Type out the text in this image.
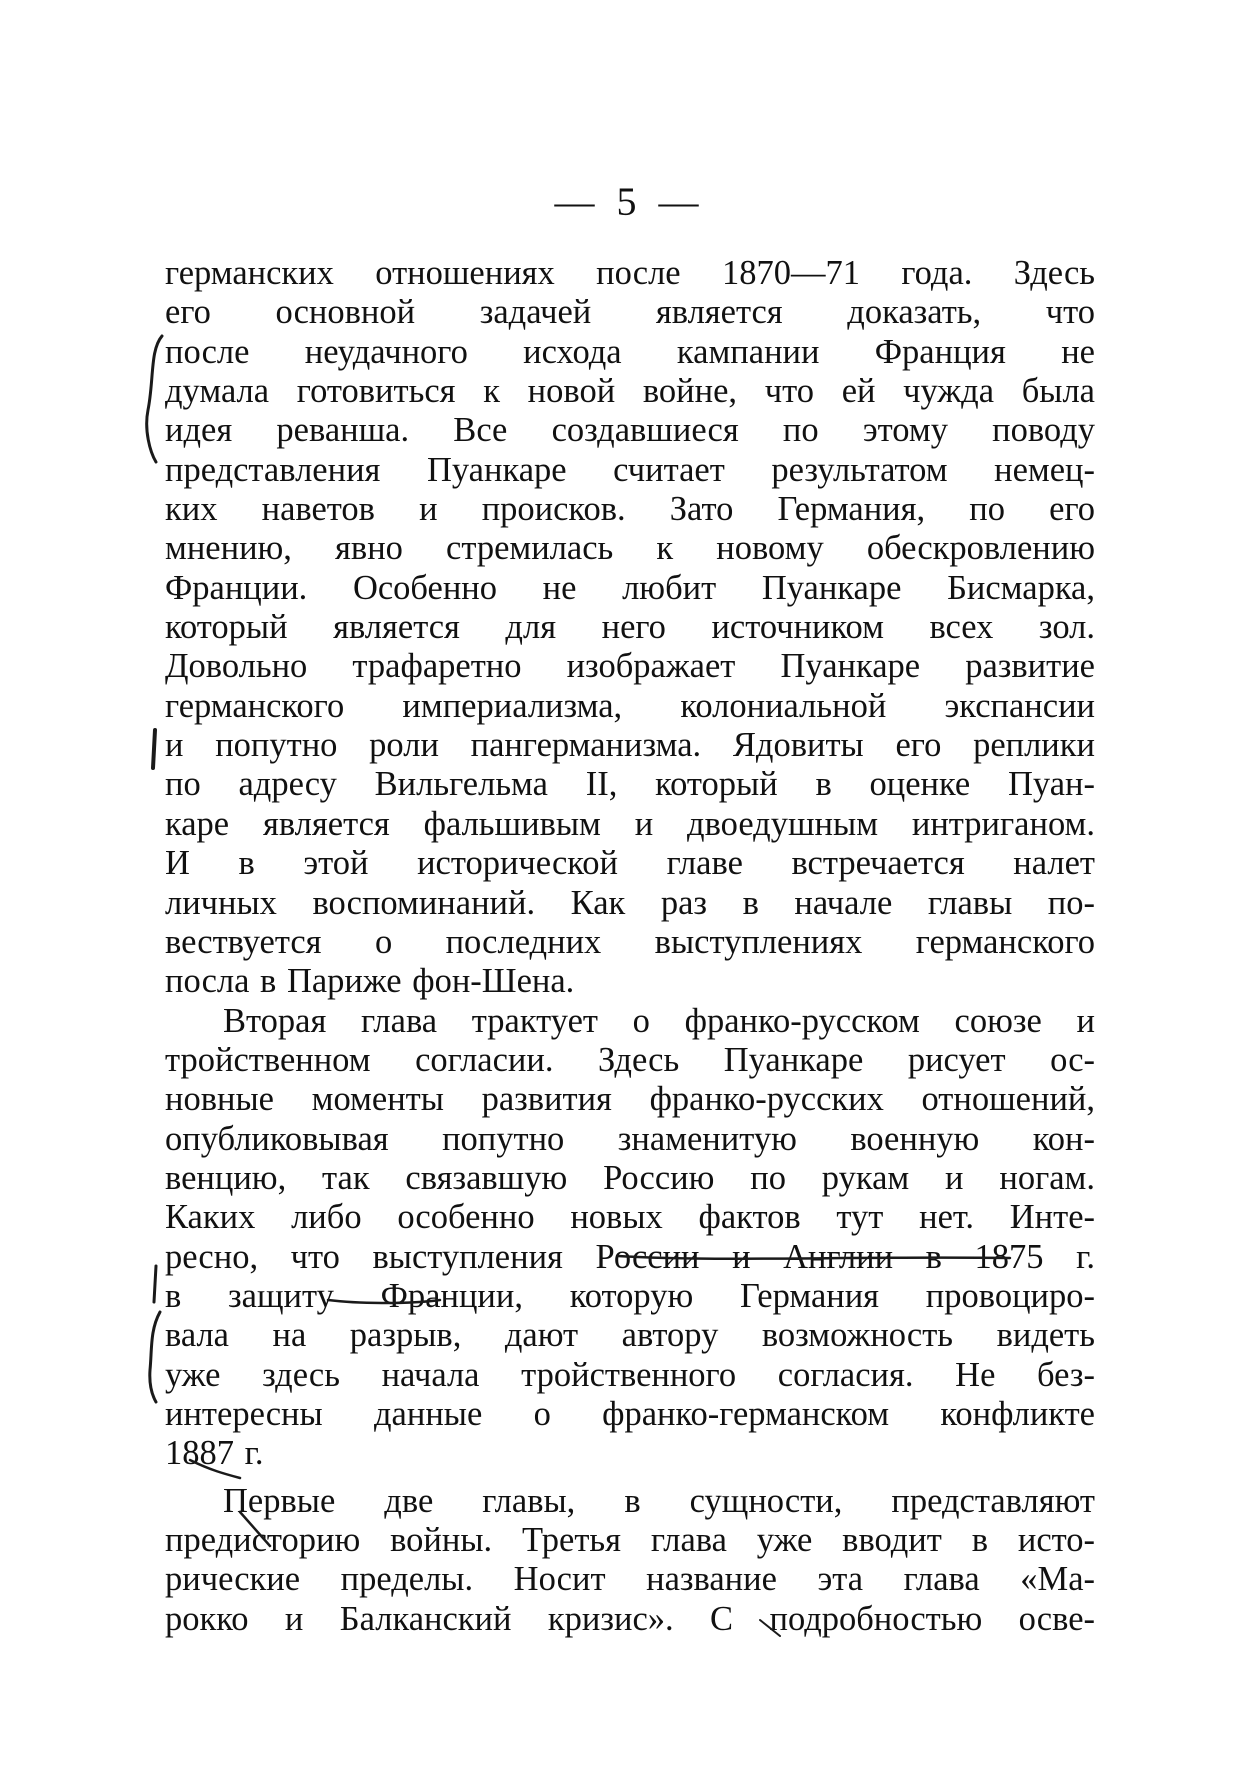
— 5 —
германских отношениях после 1870—71 года. Здесь
его основной задачей является доказать, что
после неудачного исхода кампании Франция не
думала готовиться к новой войне, что ей чужда была
идея реванша. Все создавшиеся по этому поводу
представления Пуанкаре считает результатом немец-
ких наветов и происков. Зато Германия, по его
мнению, явно стремилась к новому обескровлению
Франции. Особенно не любит Пуанкаре Бисмарка,
который является для него источником всех зол.
Довольно трафаретно изображает Пуанкаре развитие
германского империализма, колониальной экспансии
и попутно роли пангерманизма. Ядовиты его реплики
по адресу Вильгельма II, который в оценке Пуан-
каре является фальшивым и двоедушным интриганом.
И в этой исторической главе встречается налет
личных воспоминаний. Как раз в начале главы по-
вествуется о последних выступлениях германского
посла в Париже фон-Шена.
Вторая глава трактует о франко-русском союзе и
тройственном согласии. Здесь Пуанкаре рисует ос-
новные моменты развития франко-русских отношений,
опубликовывая попутно знаменитую военную кон-
венцию, так связавшую Россию по рукам и ногам.
Каких либо особенно новых фактов тут нет. Инте-
ресно, что выступления России и Англии в 1875 г.
в защиту Франции, которую Германия провоциро-
вала на разрыв, дают автору возможность видеть
уже здесь начала тройственного согласия. Не без-
интересны данные о франко-германском конфликте
1887 г.
Первые две главы, в сущности, представляют
предисторию войны. Третья глава уже вводит в исто-
рические пределы. Носит название эта глава «Ма-
рокко и Балканский кризис». С подробностью осве-
